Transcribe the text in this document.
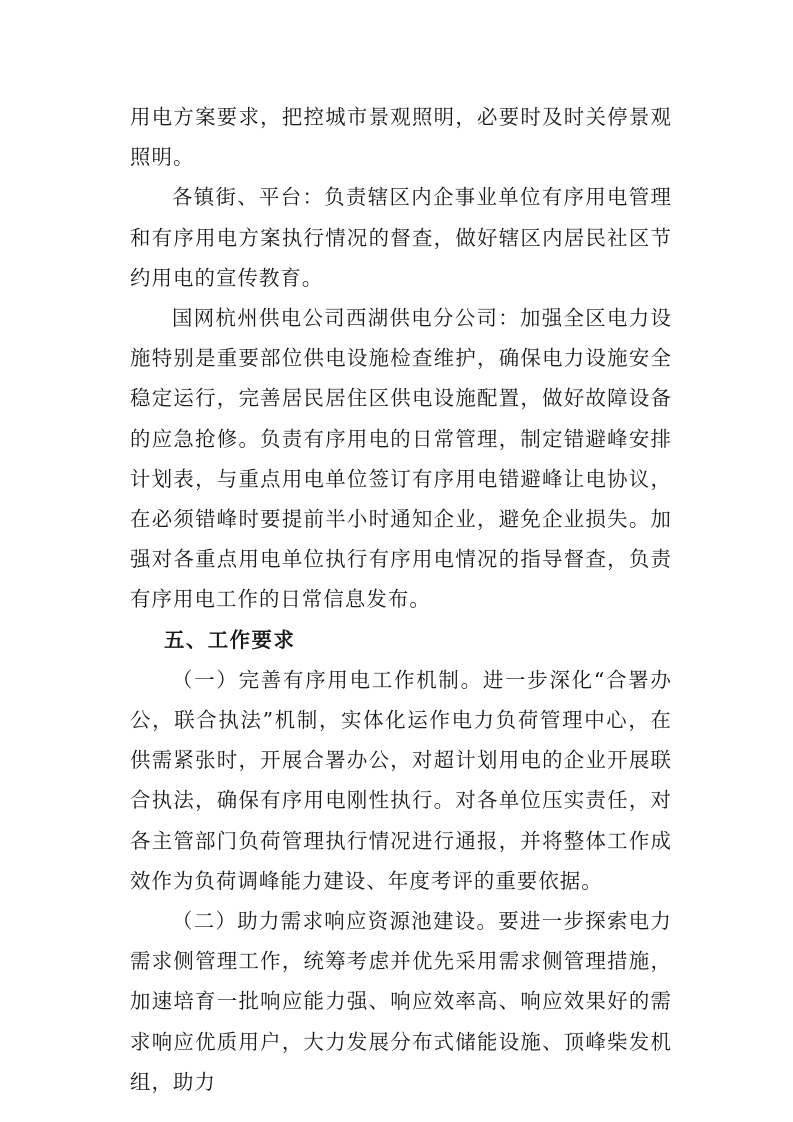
用电方案要求，把控城市景观照明，必要时及时关停景观照明。

各镇街、平台：负责辖区内企事业单位有序用电管理和有序用电方案执行情况的督查，做好辖区内居民社区节约用电的宣传教育。

国网杭州供电公司西湖供电分公司：加强全区电力设施特别是重要部位供电设施检查维护，确保电力设施安全稳定运行，完善居民居住区供电设施配置，做好故障设备的应急抢修。负责有序用电的日常管理，制定错避峰安排计划表，与重点用电单位签订有序用电错避峰让电协议，在必须错峰时要提前半小时通知企业，避免企业损失。加强对各重点用电单位执行有序用电情况的指导督查，负责有序用电工作的日常信息发布。

五、工作要求

（一）完善有序用电工作机制。进一步深化“合署办公，联合执法”机制，实体化运作电力负荷管理中心，在供需紧张时，开展合署办公，对超计划用电的企业开展联合执法，确保有序用电刚性执行。对各单位压实责任，对各主管部门负荷管理执行情况进行通报，并将整体工作成效作为负荷调峰能力建设、年度考评的重要依据。

（二）助力需求响应资源池建设。要进一步探索电力需求侧管理工作，统筹考虑并优先采用需求侧管理措施，加速培育一批响应能力强、响应效率高、响应效果好的需求响应优质用户，大力发展分布式储能设施、顶峰柴发机组，助力
